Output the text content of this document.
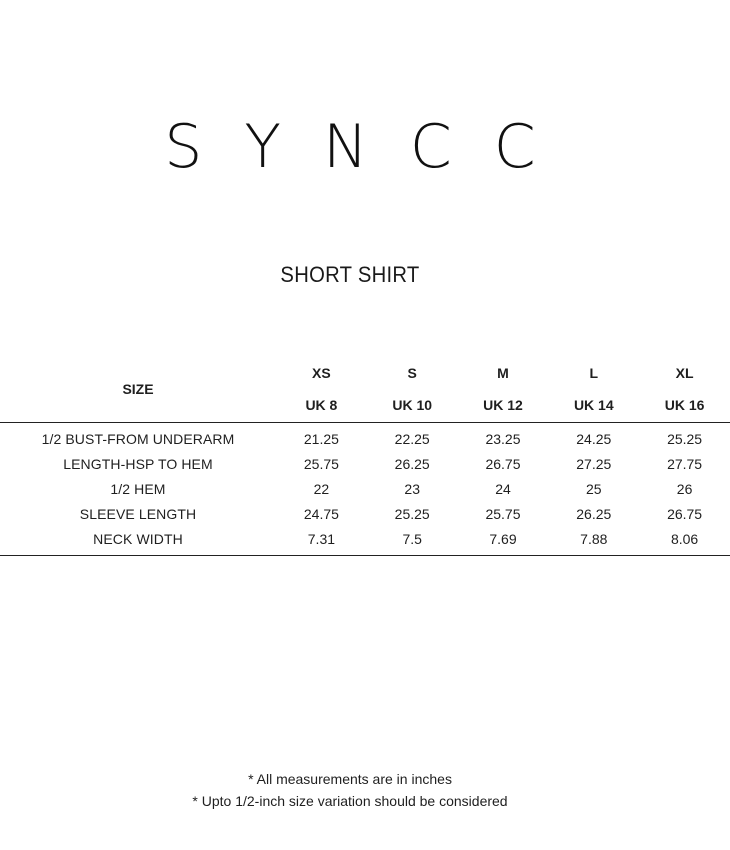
SYNCC
SHORT SHIRT
SIZE	XS	S	M	L	XL
	UK 8	UK 10	UK 12	UK 14	UK 16
1/2 BUST-FROM UNDERARM	21.25	22.25	23.25	24.25	25.25
LENGTH-HSP TO HEM	25.75	26.25	26.75	27.25	27.75
1/2 HEM	22	23	24	25	26
SLEEVE LENGTH	24.75	25.25	25.75	26.25	26.75
NECK WIDTH	7.31	7.5	7.69	7.88	8.06

* All measurements are in inches

* Upto 1/2-inch size variation should be considered
